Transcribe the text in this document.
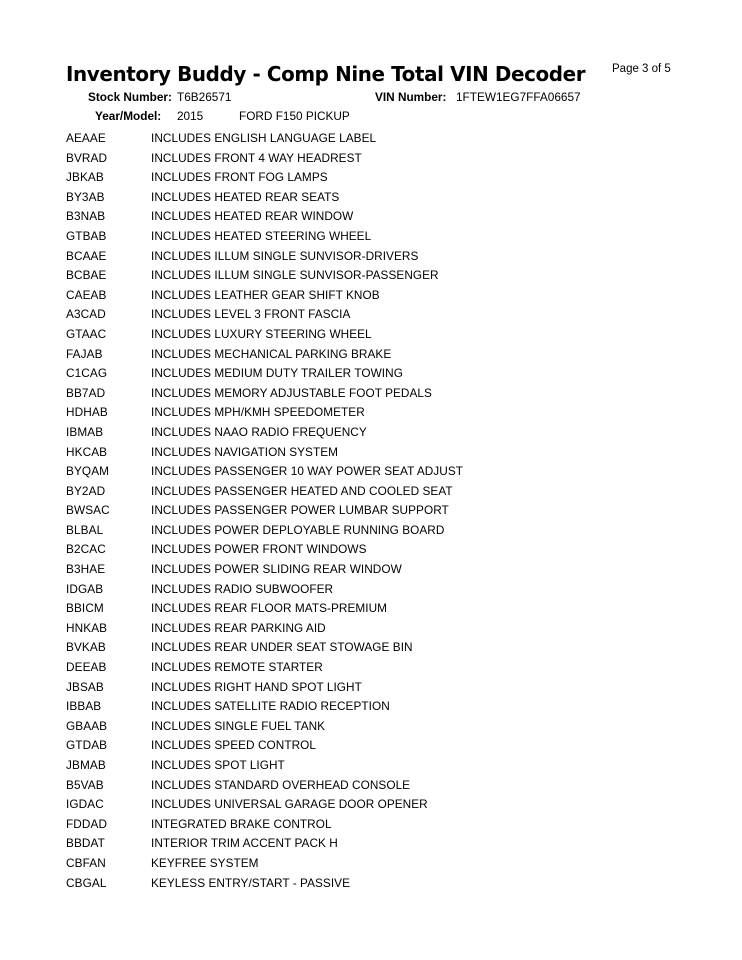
Inventory Buddy - Comp Nine Total VIN Decoder	Page 3 of 5
Stock Number: T6B26571	VIN Number: 1FTEW1EG7FFA06657
Year/Model: 2015	FORD F150 PICKUP
AEAAE	INCLUDES ENGLISH LANGUAGE LABEL
BVRAD	INCLUDES FRONT 4 WAY HEADREST
JBKAB	INCLUDES FRONT FOG LAMPS
BY3AB	INCLUDES HEATED REAR SEATS
B3NAB	INCLUDES HEATED REAR WINDOW
GTBAB	INCLUDES HEATED STEERING WHEEL
BCAAE	INCLUDES ILLUM SINGLE SUNVISOR-DRIVERS
BCBAE	INCLUDES ILLUM SINGLE SUNVISOR-PASSENGER
CAEAB	INCLUDES LEATHER GEAR SHIFT KNOB
A3CAD	INCLUDES LEVEL 3 FRONT FASCIA
GTAAC	INCLUDES LUXURY STEERING WHEEL
FAJAB	INCLUDES MECHANICAL PARKING BRAKE
C1CAG	INCLUDES MEDIUM DUTY TRAILER TOWING
BB7AD	INCLUDES MEMORY ADJUSTABLE FOOT PEDALS
HDHAB	INCLUDES MPH/KMH SPEEDOMETER
IBMAB	INCLUDES NAAO RADIO FREQUENCY
HKCAB	INCLUDES NAVIGATION SYSTEM
BYQAM	INCLUDES PASSENGER 10 WAY POWER SEAT ADJUST
BY2AD	INCLUDES PASSENGER HEATED AND COOLED SEAT
BWSAC	INCLUDES PASSENGER POWER LUMBAR SUPPORT
BLBAL	INCLUDES POWER DEPLOYABLE RUNNING BOARD
B2CAC	INCLUDES POWER FRONT WINDOWS
B3HAE	INCLUDES POWER SLIDING REAR WINDOW
IDGAB	INCLUDES RADIO SUBWOOFER
BBICM	INCLUDES REAR FLOOR MATS-PREMIUM
HNKAB	INCLUDES REAR PARKING AID
BVKAB	INCLUDES REAR UNDER SEAT STOWAGE BIN
DEEAB	INCLUDES REMOTE STARTER
JBSAB	INCLUDES RIGHT HAND SPOT LIGHT
IBBAB	INCLUDES SATELLITE RADIO RECEPTION
GBAAB	INCLUDES SINGLE FUEL TANK
GTDAB	INCLUDES SPEED CONTROL
JBMAB	INCLUDES SPOT LIGHT
B5VAB	INCLUDES STANDARD OVERHEAD CONSOLE
IGDAC	INCLUDES UNIVERSAL GARAGE DOOR OPENER
FDDAD	INTEGRATED BRAKE CONTROL
BBDAT	INTERIOR TRIM ACCENT PACK H
CBFAN	KEYFREE SYSTEM
CBGAL	KEYLESS ENTRY/START - PASSIVE
